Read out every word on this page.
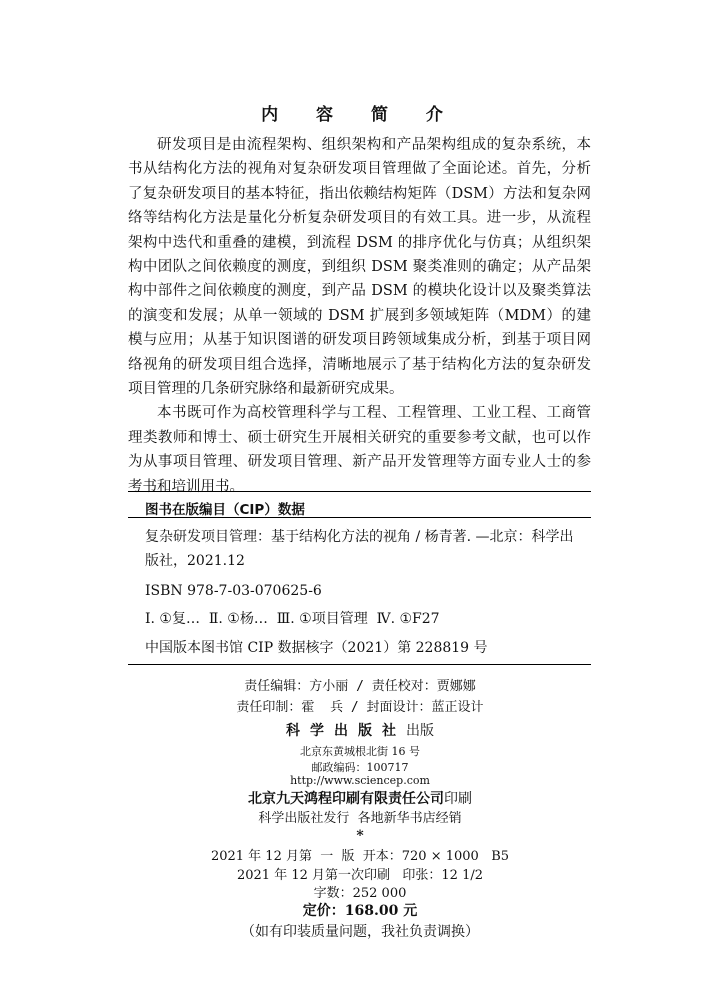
内 容 简 介

研发项目是由流程架构、组织架构和产品架构组成的复杂系统，本书从结构化方法的视角对复杂研发项目管理做了全面论述。首先，分析了复杂研发项目的基本特征，指出依赖结构矩阵（DSM）方法和复杂网络等结构化方法是量化分析复杂研发项目的有效工具。进一步，从流程架构中迭代和重叠的建模，到流程 DSM 的排序优化与仿真；从组织架构中团队之间依赖度的测度，到组织 DSM 聚类准则的确定；从产品架构中部件之间依赖度的测度，到产品 DSM 的模块化设计以及聚类算法的演变和发展；从单一领域的 DSM 扩展到多领域矩阵（MDM）的建模与应用；从基于知识图谱的研发项目跨领域集成分析，到基于项目网络视角的研发项目组合选择，清晰地展示了基于结构化方法的复杂研发项目管理的几条研究脉络和最新研究成果。

本书既可作为高校管理科学与工程、工程管理、工业工程、工商管理类教师和博士、硕士研究生开展相关研究的重要参考文献，也可以作为从事项目管理、研发项目管理、新产品开发管理等方面专业人士的参考书和培训用书。

图书在版编目（CIP）数据
复杂研发项目管理：基于结构化方法的视角 / 杨青著. —北京：科学出
版社，2021.12
ISBN 978-7-03-070625-6
Ⅰ. ①复…  Ⅱ. ①杨…  Ⅲ. ①项目管理  Ⅳ. ①F27
中国版本图书馆 CIP 数据核字（2021）第 228819 号
责任编辑：方小丽 / 责任校对：贾娜娜
责任印制：霍  兵 / 封面设计：蓝正设计
科学出版社出版
北京东黄城根北街 16 号
邮政编码：100717
http://www.sciencep.com
北京九天鸿程印刷有限责任公司印刷
科学出版社发行  各地新华书店经销
*
2021 年 12 月第  一  版  开本：720 × 1000   B5
2021 年 12 月第一次印刷   印张：12 1/2
字数：252 000
定价：168.00 元
（如有印装质量问题，我社负责调换）
